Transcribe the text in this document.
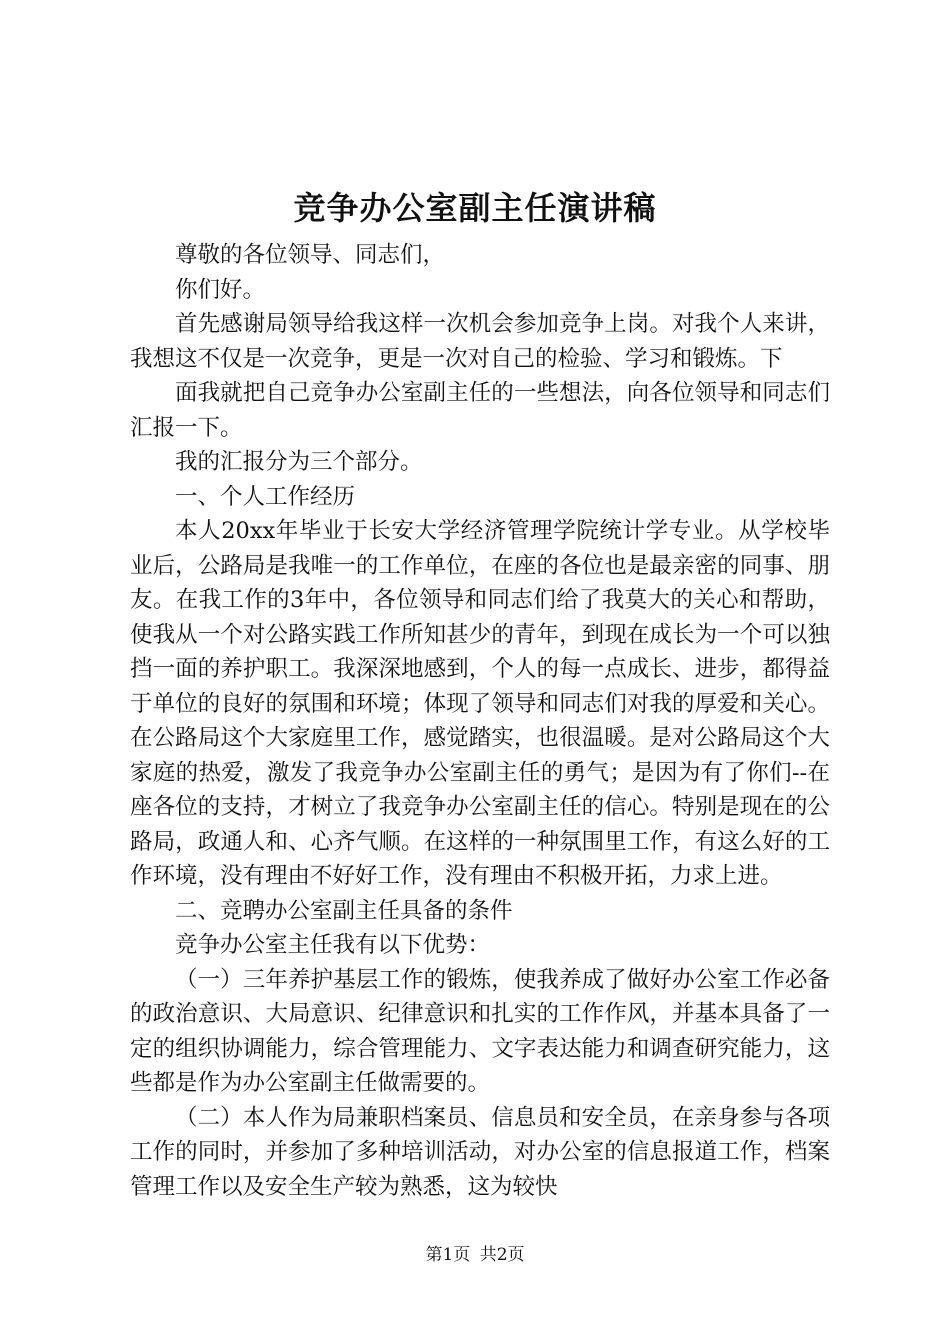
竞争办公室副主任演讲稿

尊敬的各位领导、同志们，

你们好。

首先感谢局领导给我这样一次机会参加竞争上岗。对我个人来讲，我想这不仅是一次竞争，更是一次对自己的检验、学习和锻炼。下

面我就把自己竞争办公室副主任的一些想法，向各位领导和同志们汇报一下。

我的汇报分为三个部分。

一、个人工作经历

本人20xx年毕业于长安大学经济管理学院统计学专业。从学校毕业后，公路局是我唯一的工作单位，在座的各位也是最亲密的同事、朋友。在我工作的3年中，各位领导和同志们给了我莫大的关心和帮助，使我从一个对公路实践工作所知甚少的青年，到现在成长为一个可以独挡一面的养护职工。我深深地感到，个人的每一点成长、进步，都得益于单位的良好的氛围和环境；体现了领导和同志们对我的厚爱和关心。在公路局这个大家庭里工作，感觉踏实，也很温暖。是对公路局这个大家庭的热爱，激发了我竞争办公室副主任的勇气；是因为有了你们--在座各位的支持，才树立了我竞争办公室副主任的信心。特别是现在的公路局，政通人和、心齐气顺。在这样的一种氛围里工作，有这么好的工作环境，没有理由不好好工作，没有理由不积极开拓，力求上进。

二、竞聘办公室副主任具备的条件

竞争办公室主任我有以下优势：

（一）三年养护基层工作的锻炼，使我养成了做好办公室工作必备的政治意识、大局意识、纪律意识和扎实的工作作风，并基本具备了一定的组织协调能力，综合管理能力、文字表达能力和调查研究能力，这些都是作为办公室副主任做需要的。

（二）本人作为局兼职档案员、信息员和安全员，在亲身参与各项工作的同时，并参加了多种培训活动，对办公室的信息报道工作，档案管理工作以及安全生产较为熟悉，这为较快

第1页 共2页
